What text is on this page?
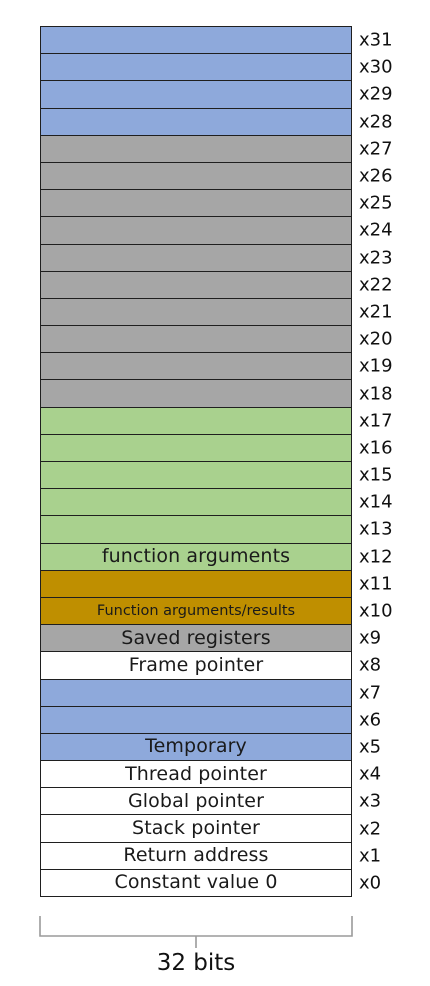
x31
x30
x29
x28
x27
x26
x25
x24
x23
x22
x21
x20
x19
x18
x17
x16
x15
x14
x13
function arguments	x12
x11
Function arguments/results	x10
Saved registers	x9
Frame pointer	x8
x7
x6
Temporary	x5
Thread pointer	x4
Global pointer	x3
Stack pointer	x2
Return address	x1
Constant value 0	x0
32 bits
